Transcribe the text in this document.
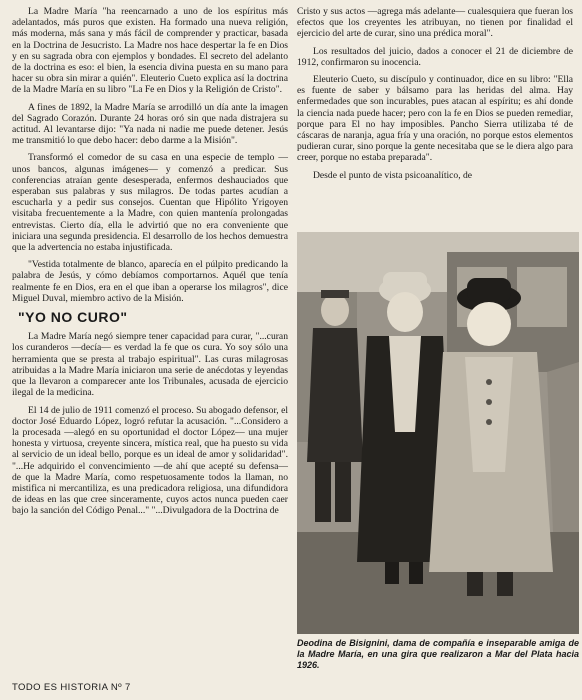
La Madre María "ha reencarnado a uno de los espíritus más adelantados, más puros que existen. Ha formado una nueva religión, más moderna, más sana y más fácil de comprender y practicar, basada en la Doctrina de Jesucristo. La Madre nos hace despertar la fe en Dios y en su sagrada obra con ejemplos y bondades. El secreto del adelanto de la doctrina es eso: el bien, la esencia divina puesta en su mano para hacer su obra sin mirar a quién". Eleuterio Cueto explica así la doctrina de la Madre María en su libro "La Fe en Dios y la Religión de Cristo".

A fines de 1892, la Madre María se arrodilló un día ante la imagen del Sagrado Corazón. Durante 24 horas oró sin que nada distrajera su actitud. Al levantarse dijo: "Ya nada ni nadie me puede detener. Jesús me transmitió lo que debo hacer: debo darme a la Misión".

Transformó el comedor de su casa en una especie de templo —unos bancos, algunas imágenes— y comenzó a predicar. Sus conferencias atraían gente desesperada, enfermos deshauciados que esperaban sus palabras y sus milagros. De todas partes acudían a escucharla y a pedir sus consejos. Cuentan que Hipólito Yrigoyen visitaba frecuentemente a la Madre, con quien mantenía prolongadas entrevistas. Cierto día, ella le advirtió que no era conveniente que iniciara una segunda presidencia. El desarrollo de los hechos demuestra que la advertencia no estaba injustificada.

"Vestida totalmente de blanco, aparecía en el púlpito predicando la palabra de Jesús, y cómo debíamos comportarnos. Aquél que tenía realmente fe en Dios, era en el que iban a operarse los milagros", dice Miguel Duval, miembro activo de la Misión.

"YO NO CURO"

La Madre María negó siempre tener capacidad para curar, "...curan los curanderos —decía— es verdad la fe que os cura. Yo soy sólo una herramienta que se presta al trabajo espiritual". Las curas milagrosas atribuidas a la Madre María iniciaron una serie de anécdotas y leyendas que la llevaron a comparecer ante los Tribunales, acusada de ejercicio ilegal de la medicina.

El 14 de julio de 1911 comenzó el proceso. Su abogado defensor, el doctor José Eduardo López, logró refutar la acusación. "...Considero a la procesada —alegó en su oportunidad el doctor López— una mujer honesta y virtuosa, creyente sincera, mística real, que ha puesto su vida al servicio de un ideal bello, porque es un ideal de amor y solidaridad". "...He adquirido el convencimiento —de ahí que acepté su defensa— de que la Madre María, como respetuosamente todos la llaman, no mistifica ni mercantiliza, es una predicadora religiosa, una difundidora de ideas en las que cree sinceramente, cuyos actos nunca pueden caer bajo la sanción del Código Penal..." "...Divulgadora de la Doctrina de

Cristo y sus actos —agrega más adelante— cualesquiera que fueran los efectos que los creyentes les atribuyan, no tienen por finalidad el ejercicio del arte de curar, sino una prédica moral".

Los resultados del juicio, dados a conocer el 21 de diciembre de 1912, confirmaron su inocencia.

Eleuterio Cueto, su discípulo y continuador, dice en su libro: "Ella es fuente de saber y bálsamo para las heridas del alma. Hay enfermedades que son incurables, pues atacan al espíritu; es ahí donde la ciencia nada puede hacer; pero con la fe en Dios se pueden remediar, porque para El no hay imposibles. Pancho Sierra utilizaba té de cáscaras de naranja, agua fría y una oración, no porque estos elementos pudieran curar, sino porque la gente necesitaba que se le diera algo para creer, porque no estaba preparada".

Desde el punto de vista psicoanalítico, de

Deodina de Bisignini, dama de compañía e inseparable amiga de la Madre María, en una gira que realizaron a Mar del Plata hacia 1926.
TODO ES HISTORIA Nº 7
